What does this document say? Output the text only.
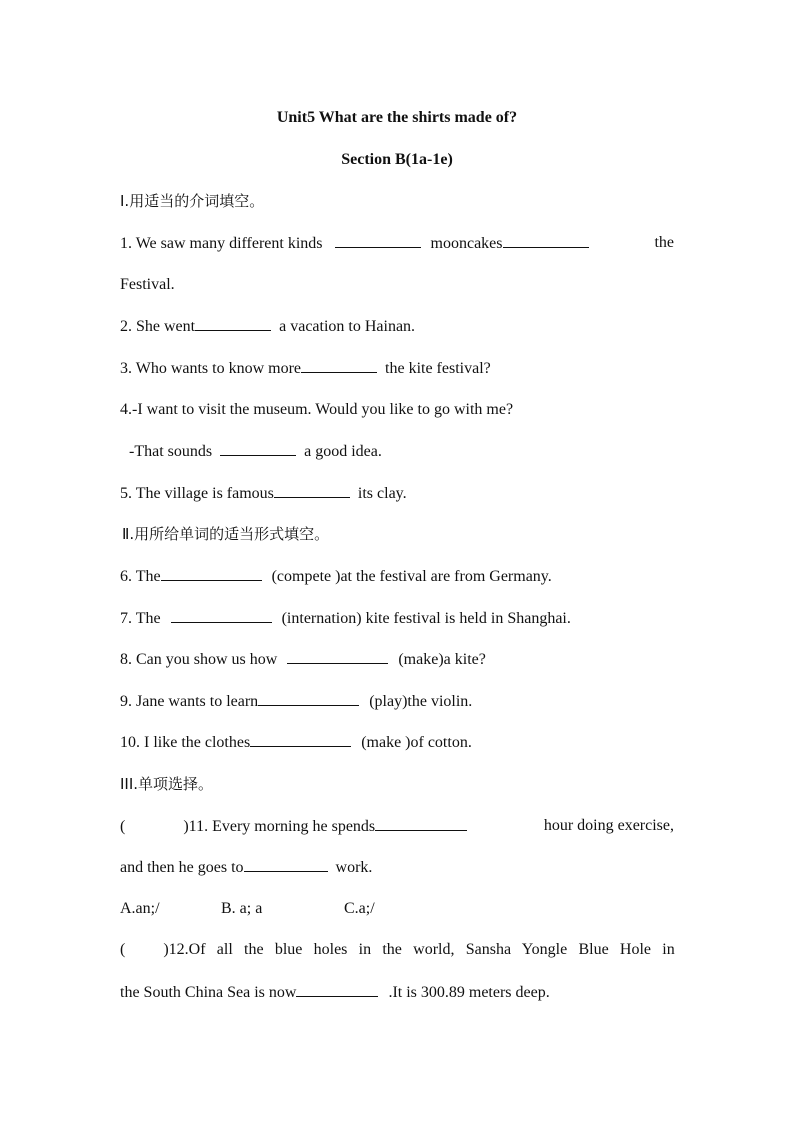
Unit5 What are the shirts made of?
Section B(1a-1e)
I.用适当的介词填空。
1. We saw many different kinds	mooncakes	the
Festival.
2. She went	a vacation to Hainan.
3. Who wants to know more	the kite festival?
4.-I want to visit the museum. Would you like to go with me?
-That sounds	a good idea.
5. The village is famous	its clay.
Ⅱ.用所给单词的适当形式填空。
6. The	(compete )at the festival are from Germany.
7. The	(internation) kite festival is held in Shanghai.
8. Can you show us how	(make)a kite?
9. Jane wants to learn	(play)the violin.
10. I like the clothes	(make )of cotton.
III.单项选择。
(	)11. Every morning he spends	hour doing exercise,
and then he goes to	work.
A.an;/	B. a; a	C.a;/
( )12.Of all the blue holes in the world, Sansha Yongle Blue Hole in
the South China Sea is now	.It is 300.89 meters deep.
